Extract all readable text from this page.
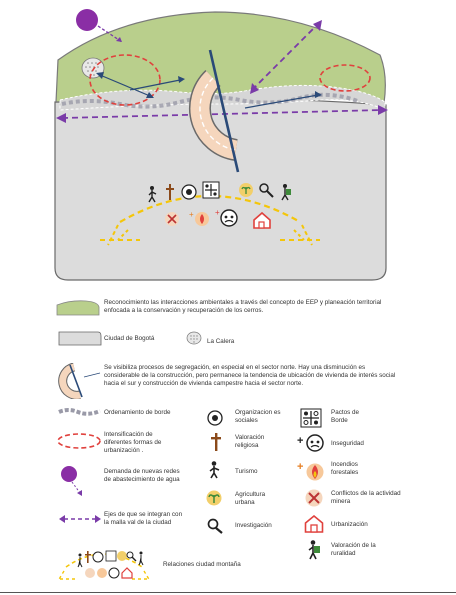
+	+
Reconocimiento las interacciones ambientales a través del concepto de EEP y planeación territorial enfocada a la conservación y recuperación de los cerros.
Ciudad de Bogotá	La Calera
Se visibiliza procesos de segregación, en especial en el sector norte. Hay una disminución es considerable de la construcción, pero permanece la tendencia de ubicación de vivienda de interés social hacia el sur y construcción de vivienda campestre hacia el sector norte.
Ordenamiento de borde
Intensificación de diferentes formas de urbanización .
Demanda de nuevas redes de abastecimiento de agua
Ejes de que se integran con la malla val de la ciudad
Relaciones ciudad montaña
Organizacion es sociales
Valoración religiosa
Turismo
Agricultura urbana
Investigación
Pactos de Borde
+	Inseguridad
+	Incendios forestales
Conflictos de la actividad minera
Urbanización
Valoración de la ruralidad
